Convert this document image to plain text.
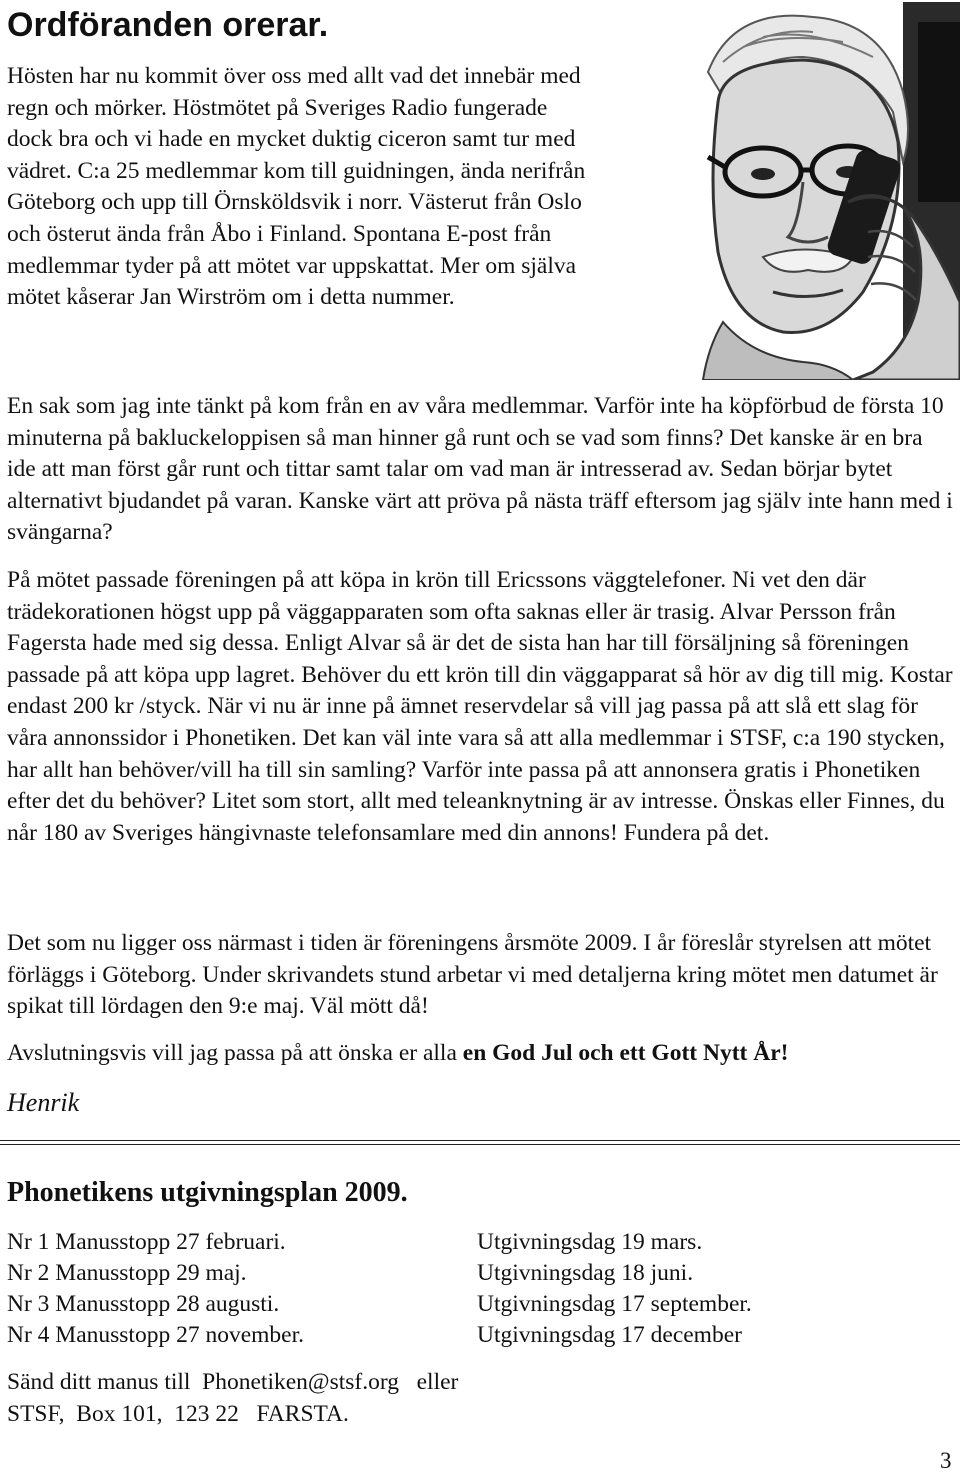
Ordföranden orerar.

Hösten har nu kommit över oss med allt vad det innebär med regn och mörker. Höstmötet på Sveriges Radio fungerade dock bra och vi hade en mycket duktig ciceron samt tur med vädret. C:a 25 medlemmar kom till guidningen, ända nerifrån Göteborg och upp till Örnsköldsvik i norr. Västerut från Oslo och österut ända från Åbo i Finland. Spontana E-post från medlemmar tyder på att mötet var uppskattat. Mer om själva mötet kåserar Jan Wirström om i detta nummer.

En sak som jag inte tänkt på kom från en av våra medlemmar. Varför inte ha köpförbud de första 10 minuterna på bakluckeloppisen så man hinner gå runt och se vad som finns? Det kanske är en bra ide att man först går runt och tittar samt talar om vad man är intresserad av. Sedan börjar bytet alternativt bjudandet på varan. Kanske värt att pröva på nästa träff eftersom jag själv inte hann med i svängarna?

På mötet passade föreningen på att köpa in krön till Ericssons väggtelefoner. Ni vet den där trädekorationen högst upp på väggapparaten som ofta saknas eller är trasig. Alvar Persson från Fagersta hade med sig dessa. Enligt Alvar så är det de sista han har till försäljning så föreningen passade på att köpa upp lagret. Behöver du ett krön till din väggapparat så hör av dig till mig. Kostar endast 200 kr /styck. När vi nu är inne på ämnet reservdelar så vill jag passa på att slå ett slag för våra annonssidor i Phonetiken. Det kan väl inte vara så att alla medlemmar i STSF, c:a 190 stycken, har allt han behöver/vill ha till sin samling? Varför inte passa på att annonsera gratis i Phonetiken efter det du behöver? Litet som stort, allt med teleanknytning är av intresse. Önskas eller Finnes, du når 180 av Sveriges hängivnaste telefonsamlare med din annons! Fundera på det.

Det som nu ligger oss närmast i tiden är föreningens årsmöte 2009. I år föreslår styrelsen att mötet förläggs i Göteborg. Under skrivandets stund arbetar vi med detaljerna kring mötet men datumet är spikat till lördagen den 9:e maj. Väl mött då!

Avslutningsvis vill jag passa på att önska er alla en God Jul och ett Gott Nytt År!

Henrik
Phonetikens utgivningsplan 2009.
Nr 1 Manusstopp 27 februari.	Utgivningsdag 19 mars.
Nr 2 Manusstopp 29 maj.	Utgivningsdag 18 juni.
Nr 3 Manusstopp 28 augusti.	Utgivningsdag 17 september.
Nr 4 Manusstopp 27 november.	Utgivningsdag 17 december
Sänd ditt manus till  Phonetiken@stsf.org   eller
STSF,  Box 101,  123 22   FARSTA.
3
